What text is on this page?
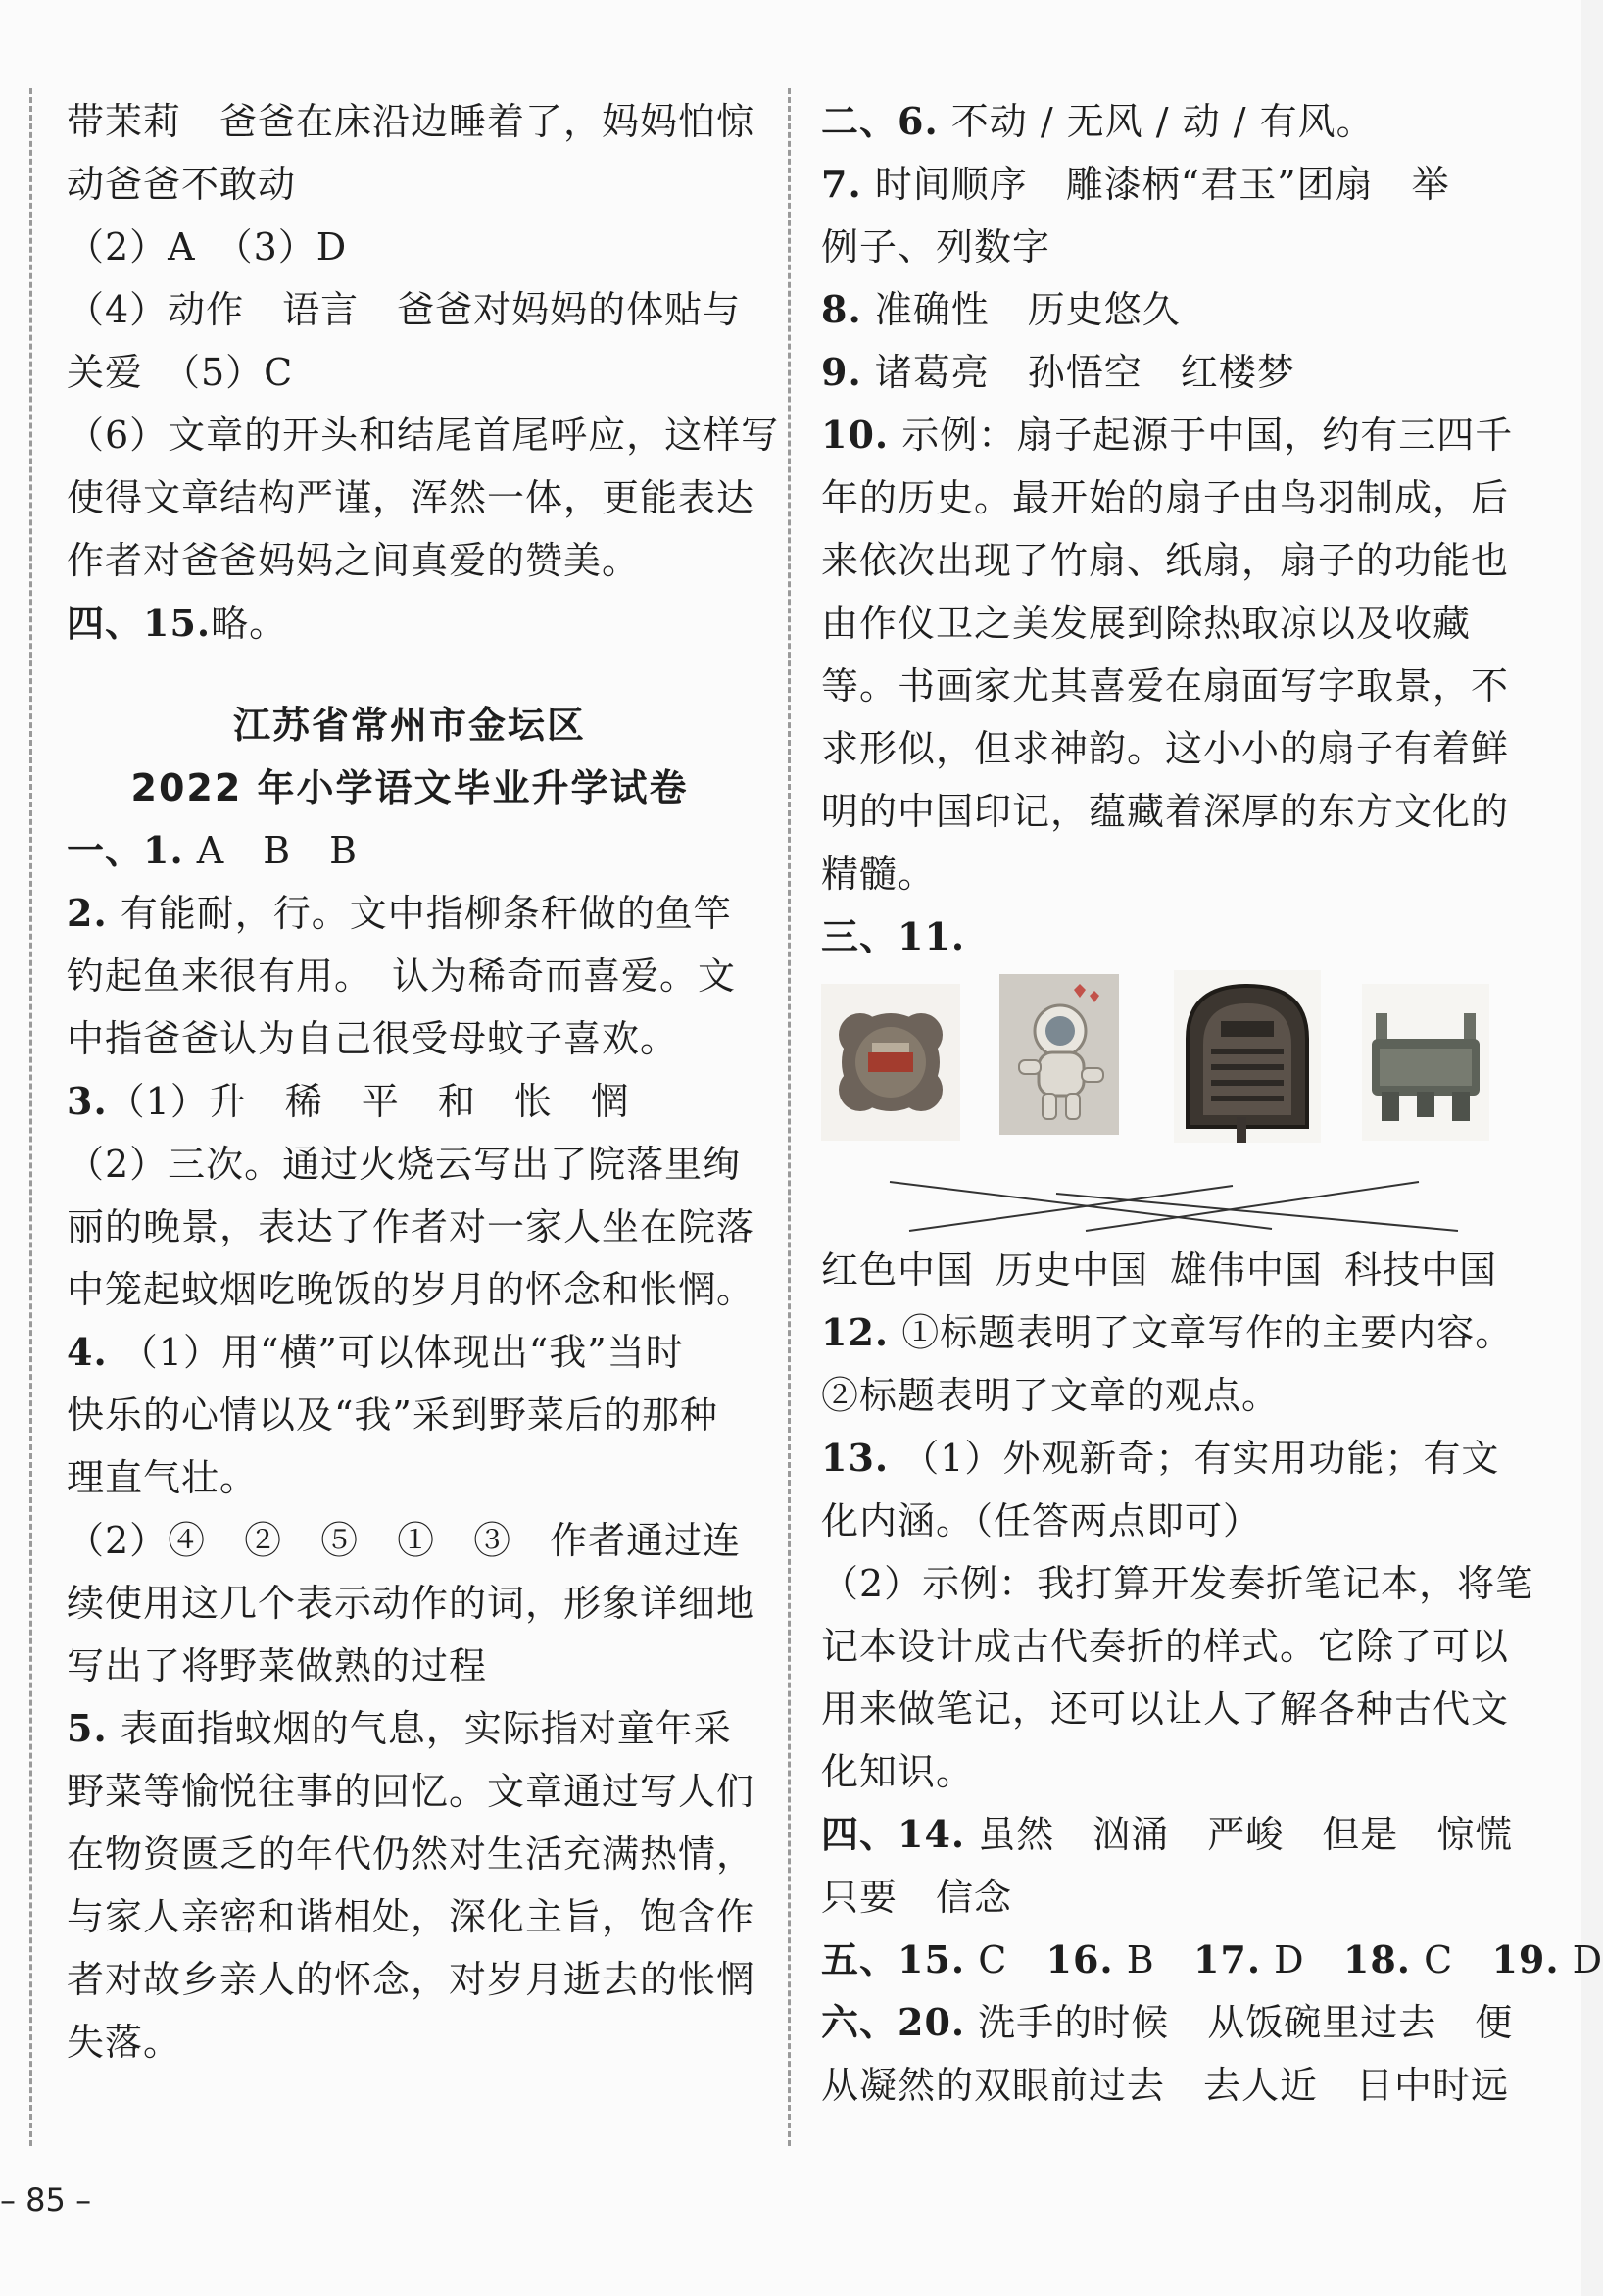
带茉莉　爸爸在床沿边睡着了，妈妈怕惊
动爸爸不敢动
（2）A　（3）D
（4）动作　语言　爸爸对妈妈的体贴与
关爱　（5）C
（6）文章的开头和结尾首尾呼应，这样写
使得文章结构严谨，浑然一体，更能表达
作者对爸爸妈妈之间真爱的赞美。
四、15.略。
江苏省常州市金坛区
2022 年小学语文毕业升学试卷
一、1. A　B　B
2. 有能耐，行。文中指柳条秆做的鱼竿
钓起鱼来很有用。　认为稀奇而喜爱。文
中指爸爸认为自己很受母蚊子喜欢。
3.（1）升　稀　平　和　怅　惘
（2）三次。通过火烧云写出了院落里绚
丽的晚景，表达了作者对一家人坐在院落
中笼起蚊烟吃晚饭的岁月的怀念和怅惘。
4. （1）用“横”可以体现出“我”当时
快乐的心情以及“我”采到野菜后的那种
理直气壮。
（2）④　②　⑤　①　③　作者通过连
续使用这几个表示动作的词，形象详细地
写出了将野菜做熟的过程
5. 表面指蚊烟的气息，实际指对童年采
野菜等愉悦往事的回忆。文章通过写人们
在物资匮乏的年代仍然对生活充满热情，
与家人亲密和谐相处，深化主旨，饱含作
者对故乡亲人的怀念，对岁月逝去的怅惘
失落。
二、6. 不动 / 无风 / 动 / 有风。
7. 时间顺序　雕漆柄“君玉”团扇　举
例子、列数字
8. 准确性　历史悠久
9. 诸葛亮　孙悟空　红楼梦
10. 示例：扇子起源于中国，约有三四千
年的历史。最开始的扇子由鸟羽制成，后
来依次出现了竹扇、纸扇，扇子的功能也
由作仪卫之美发展到除热取凉以及收藏
等。书画家尤其喜爱在扇面写字取景，不
求形似，但求神韵。这小小的扇子有着鲜
明的中国印记，蕴藏着深厚的东方文化的
精髓。
三、11.
红色中国 历史中国 雄伟中国 科技中国
12. ①标题表明了文章写作的主要内容。
②标题表明了文章的观点。
13. （1）外观新奇；有实用功能；有文
化内涵。（任答两点即可）
（2）示例：我打算开发奏折笔记本，将笔
记本设计成古代奏折的样式。它除了可以
用来做笔记，还可以让人了解各种古代文
化知识。
四、14. 虽然　汹涌　严峻　但是　惊慌
只要　信念
五、15. C 16. B 17. D 18. C 19. D
六、20. 洗手的时候　从饭碗里过去　便
从凝然的双眼前过去　去人近　日中时远
– 85 –
